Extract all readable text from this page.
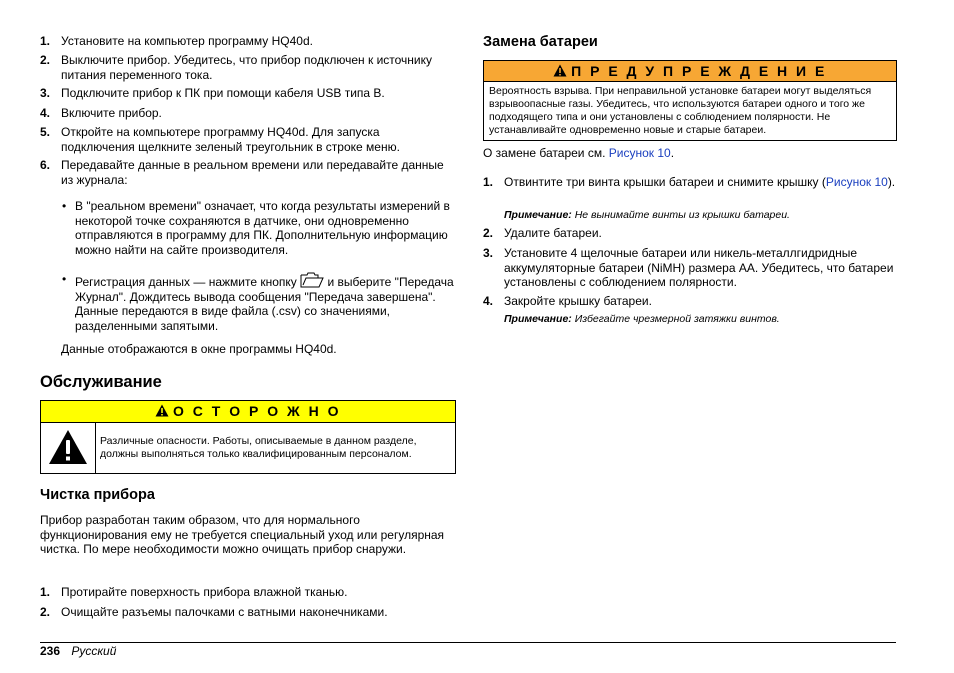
1. Установите на компьютер программу HQ40d.
2. Выключите прибор. Убедитесь, что прибор подключен к источнику питания переменного тока.
3. Подключите прибор к ПК при помощи кабеля USB типа В.
4. Включите прибор.
5. Откройте на компьютере программу HQ40d. Для запуска подключения щелкните зеленый треугольник в строке меню.
6. Передавайте данные в реальном времени или передавайте данные из журнала:
• В "реальном времени" означает, что когда результаты измерений в некоторой точке сохраняются в датчике, они одновременно отправляются в программу для ПК. Дополнительную информацию можно найти на сайте производителя.
• Регистрация данных — нажмите кнопку	и выберите "Передача Журнал". Дождитесь вывода сообщения "Передача завершена". Данные передаются в виде файла (.csv) со значениями, разделенными запятыми.
Данные отображаются в окне программы HQ40d.
Обслуживание
О С Т О Р О Ж Н О
Различные опасности. Работы, описываемые в данном разделе, должны выполняться только квалифицированным персоналом.
Чистка прибора
Прибор разработан таким образом, что для нормального функционирования ему не требуется специальный уход или регулярная чистка. По мере необходимости можно очищать прибор снаружи.
1. Протирайте поверхность прибора влажной тканью.
2. Очищайте разъемы палочками с ватными наконечниками.
Замена батареи
П Р Е Д У П Р Е Ж Д Е Н И Е
Вероятность взрыва. При неправильной установке батареи могут выделяться взрывоопасные газы. Убедитесь, что используются батареи одного и того же подходящего типа и они установлены с соблюдением полярности. Не устанавливайте одновременно новые и старые батареи.
О замене батареи см. Рисунок 10.
1. Отвинтите три винта крышки батареи и снимите крышку (Рисунок 10).
Примечание: Не вынимайте винты из крышки батареи.
2. Удалите батареи.
3. Установите 4 щелочные батареи или никель-металлгидридные аккумуляторные батареи (NiMH) размера АА. Убедитесь, что батареи установлены с соблюдением полярности.
4. Закройте крышку батареи.
Примечание: Избегайте чрезмерной затяжки винтов.
236 Русский
